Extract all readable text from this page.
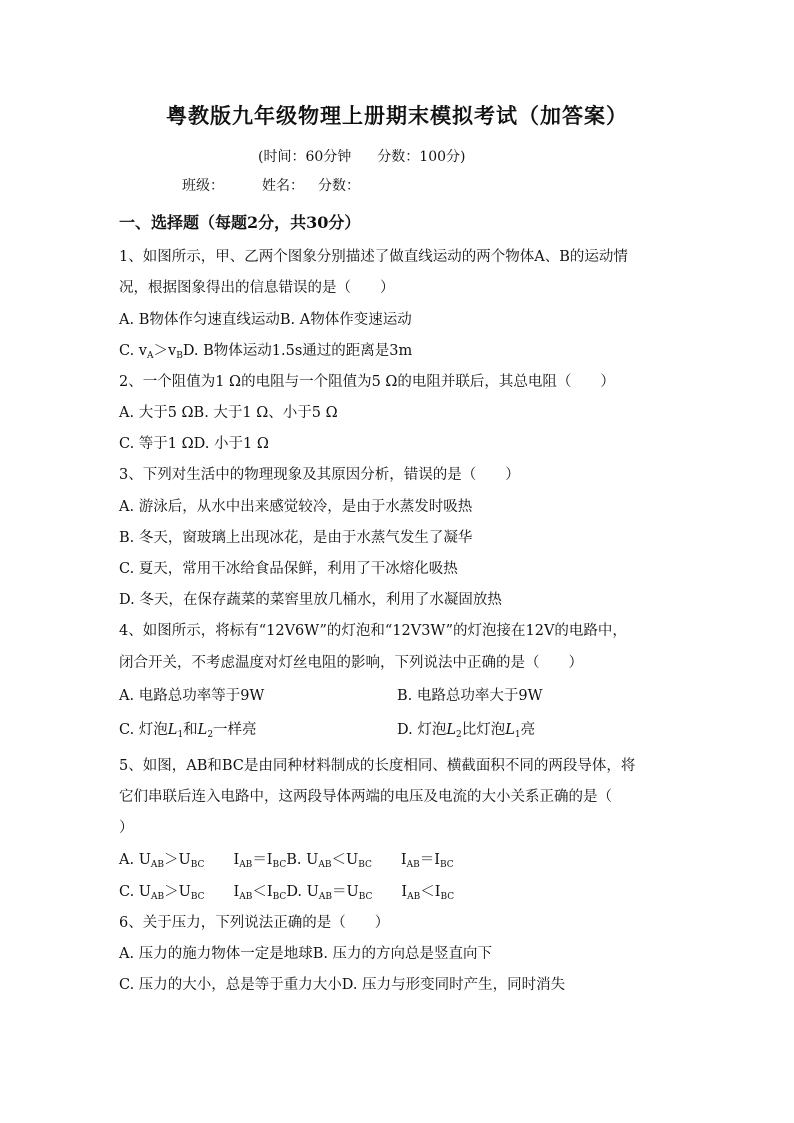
粤教版九年级物理上册期末模拟考试（加答案）
(时间：60分钟 分数：100分)
班级：	姓名： 分数：
一、选择题（每题2分，共30分）
1、如图所示，甲、乙两个图象分别描述了做直线运动的两个物体A、B的运动情
况，根据图象得出的信息错误的是（　　）
A. B物体作匀速直线运动B. A物体作变速运动
C. $v_A>v_BD$. B物体运动1.5s通过的距离是3m
2、一个阻值为1 Ω的电阻与一个阻值为5 Ω的电阻并联后，其总电阻（　　）
A. 大于5 ΩB. 大于1 Ω、小于5 Ω
C. 等于1 ΩD. 小于1 Ω
3、下列对生活中的物理现象及其原因分析，错误的是（　　）
A. 游泳后，从水中出来感觉较冷，是由于水蒸发时吸热
B. 冬天，窗玻璃上出现冰花，是由于水蒸气发生了凝华
C. 夏天，常用干冰给食品保鲜，利用了干冰熔化吸热
D. 冬天，在保存蔬菜的菜窖里放几桶水，利用了水凝固放热
4、如图所示，将标有“12V6W”的灯泡和“12V3W”的灯泡接在12V的电路中，
闭合开关，不考虑温度对灯丝电阻的影响，下列说法中正确的是（　　）
A. 电路总功率等于9W	B. 电路总功率大于9W
C. 灯泡$L_1$和$L_2$一样亮	D. 灯泡$L_2$比灯泡$L_1$亮
5、如图，AB和BC是由同种材料制成的长度相同、横截面积不同的两段导体，将
它们串联后连入电路中，这两段导体两端的电压及电流的大小关系正确的是（
）
A. $U_{AB}>U_{BC}$　　$I_{AB}=I_{BC}B$. $U_{AB}<U_{BC}$　　$I_{AB}=I_{BC}$
C. $U_{AB}>U_{BC}$　　$I_{AB}<I_{BC}D$. $U_{AB}=U_{BC}$　　$I_{AB}<I_{BC}$
6、关于压力，下列说法正确的是（　　）
A. 压力的施力物体一定是地球B. 压力的方向总是竖直向下
C. 压力的大小，总是等于重力大小D. 压力与形变同时产生，同时消失
